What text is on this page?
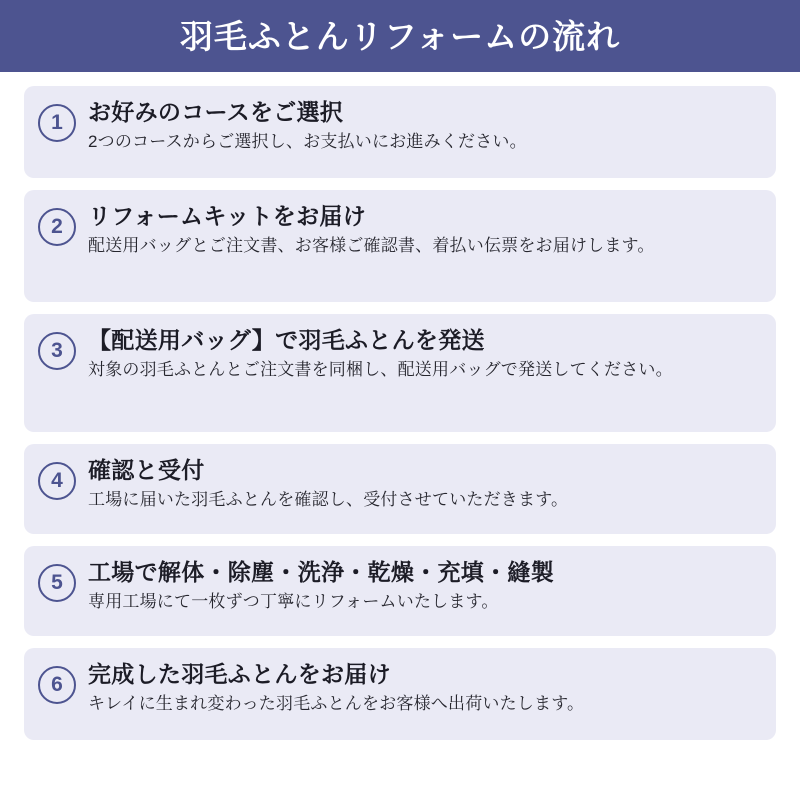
羽毛ふとんリフォームの流れ
1	お好みのコースをご選択
2つのコースからご選択し、お支払いにお進みください。
2	リフォームキットをお届け
配送用バッグとご注文書、お客様ご確認書、着払い伝票をお届けします。
3	【配送用バッグ】で羽毛ふとんを発送
対象の羽毛ふとんとご注文書を同梱し、配送用バッグで発送してください。
4	確認と受付
工場に届いた羽毛ふとんを確認し、受付させていただきます。
5	工場で解体・除塵・洗浄・乾燥・充填・縫製
専用工場にて一枚ずつ丁寧にリフォームいたします。
6	完成した羽毛ふとんをお届け
キレイに生まれ変わった羽毛ふとんをお客様へ出荷いたします。
